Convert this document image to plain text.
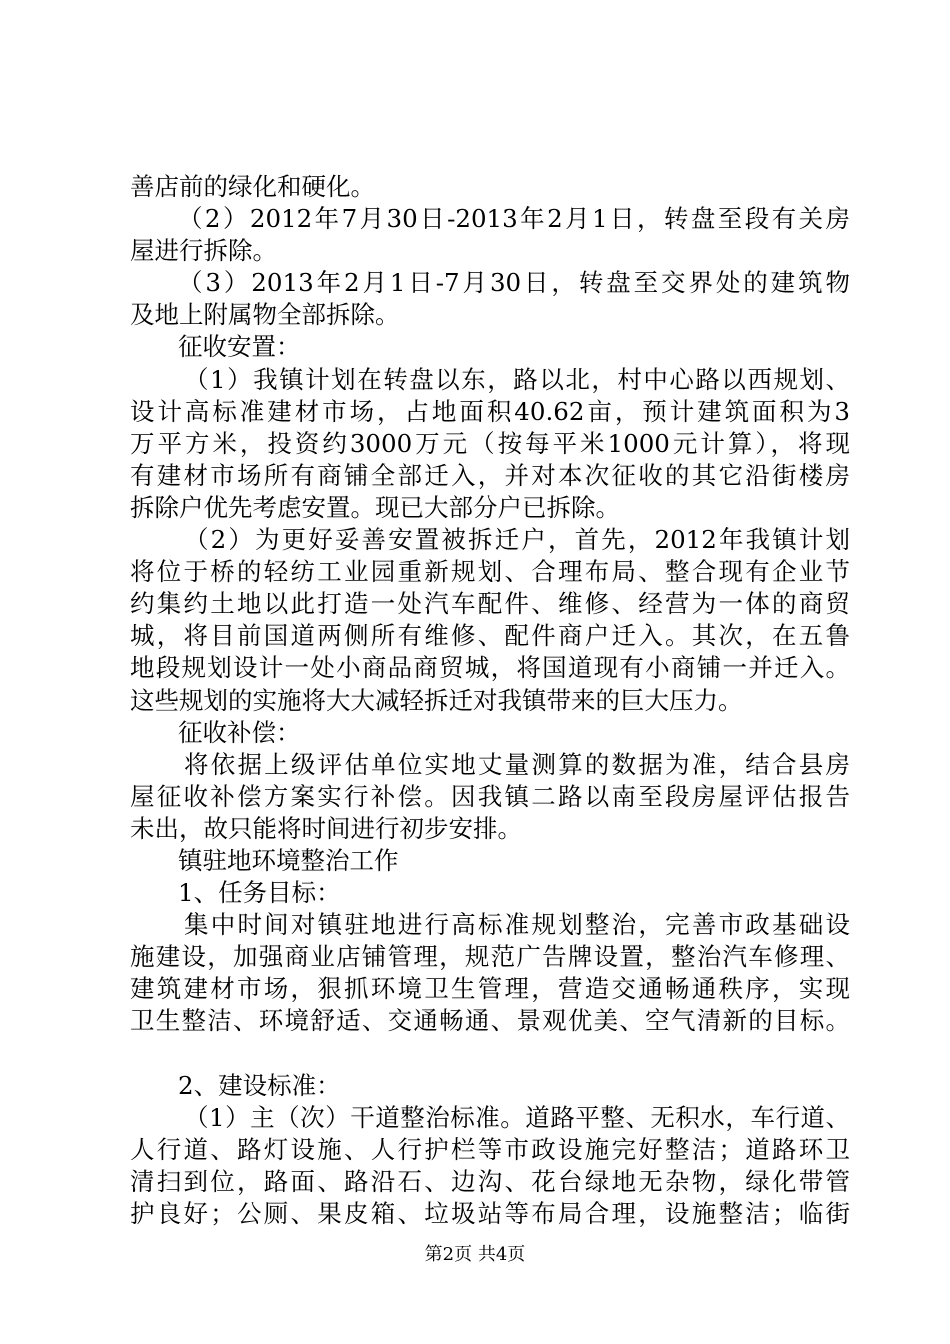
善店前的绿化和硬化。
（2）2012年7月30日-2013年2月1日，转盘至段有关房
屋进行拆除。
（3）2013年2月1日-7月30日，转盘至交界处的建筑物
及地上附属物全部拆除。
征收安置：
（1）我镇计划在转盘以东，路以北，村中心路以西规划、
设计高标准建材市场，占地面积40.62亩，预计建筑面积为3
万平方米，投资约3000万元（按每平米1000元计算），将现
有建材市场所有商铺全部迁入，并对本次征收的其它沿街楼房
拆除户优先考虑安置。现已大部分户已拆除。
（2）为更好妥善安置被拆迁户，首先，2012年我镇计划
将位于桥的轻纺工业园重新规划、合理布局、整合现有企业节
约集约土地以此打造一处汽车配件、维修、经营为一体的商贸
城，将目前国道两侧所有维修、配件商户迁入。其次，在五鲁
地段规划设计一处小商品商贸城，将国道现有小商铺一并迁入。
这些规划的实施将大大减轻拆迁对我镇带来的巨大压力。
征收补偿：
将依据上级评估单位实地丈量测算的数据为准，结合县房
屋征收补偿方案实行补偿。因我镇二路以南至段房屋评估报告
未出，故只能将时间进行初步安排。
镇驻地环境整治工作
1、任务目标：
集中时间对镇驻地进行高标准规划整治，完善市政基础设
施建设，加强商业店铺管理，规范广告牌设置，整治汽车修理、
建筑建材市场，狠抓环境卫生管理，营造交通畅通秩序，实现
卫生整洁、环境舒适、交通畅通、景观优美、空气清新的目标。
2、建设标准：
（1）主（次）干道整治标准。道路平整、无积水，车行道、
人行道、路灯设施、人行护栏等市政设施完好整洁；道路环卫
清扫到位，路面、路沿石、边沟、花台绿地无杂物，绿化带管
护良好；公厕、果皮箱、垃圾站等布局合理，设施整洁；临街
第2页 共4页
